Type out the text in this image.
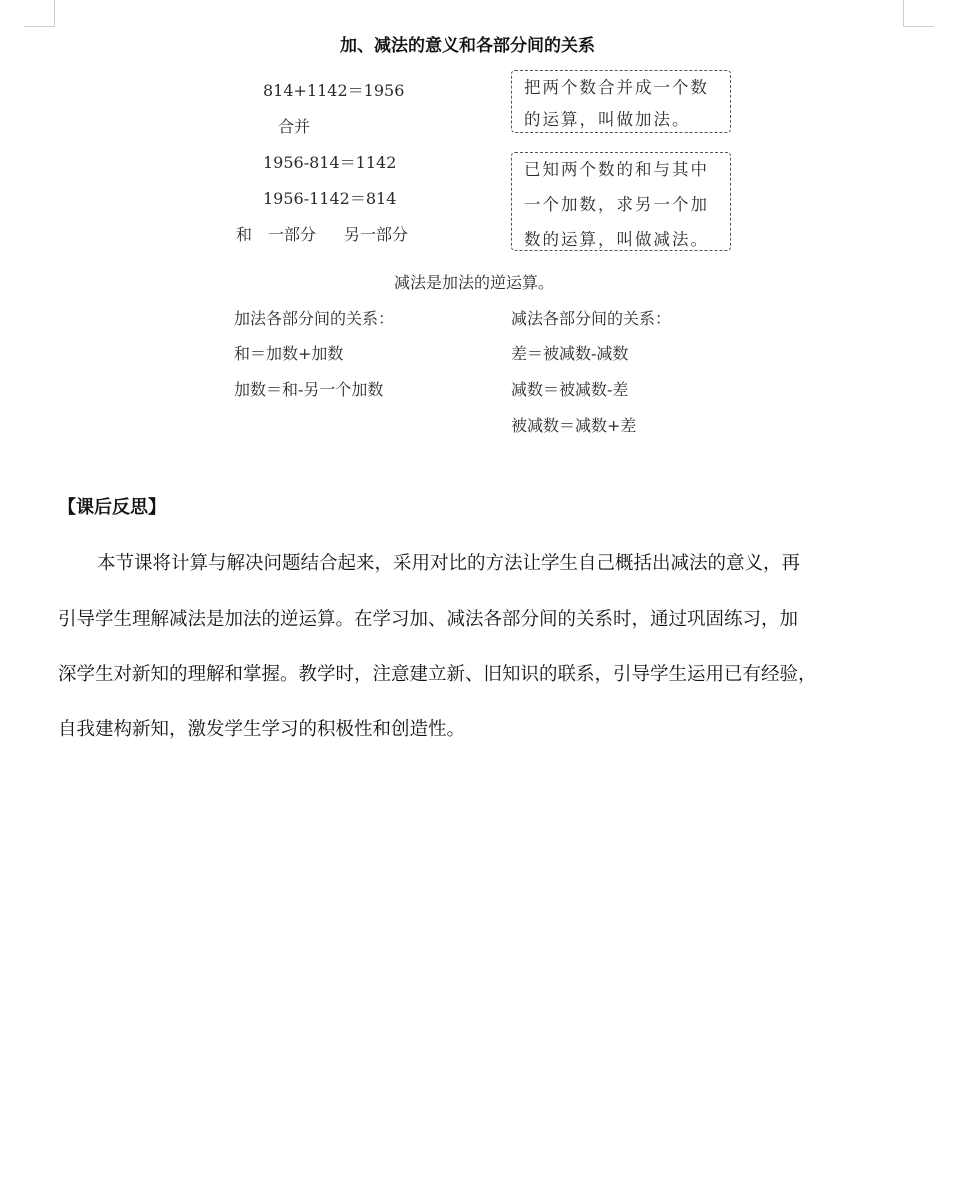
加、减法的意义和各部分间的关系
814+1142＝1956
合并
1956-814＝1142
1956-1142＝814
和 一部分 另一部分
把两个数合并成一个数
的运算，叫做加法。
已知两个数的和与其中
一个加数，求另一个加
数的运算，叫做减法。
减法是加法的逆运算。
加法各部分间的关系：
和＝加数+加数
加数＝和-另一个加数
减法各部分间的关系：
差＝被减数-减数
减数＝被减数-差
被减数＝减数+差
【课后反思】
本节课将计算与解决问题结合起来，采用对比的方法让学生自己概括出减法的意义，再
引导学生理解减法是加法的逆运算。在学习加、减法各部分间的关系时，通过巩固练习，加
深学生对新知的理解和掌握。教学时，注意建立新、旧知识的联系，引导学生运用已有经验，
自我建构新知，激发学生学习的积极性和创造性。
